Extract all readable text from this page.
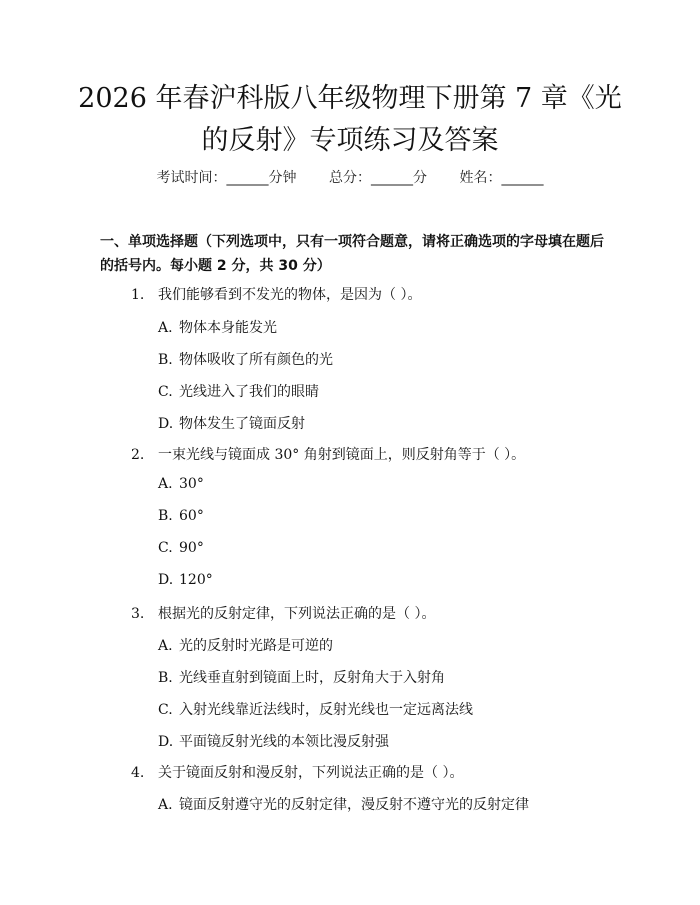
2026 年春沪科版八年级物理下册第 7 章《光
的反射》专项练习及答案
考试时间：______分钟 总分：______分 姓名：______
一、单项选择题（下列选项中，只有一项符合题意，请将正确选项的字母填在题后的括号内。每小题 2 分，共 30 分）
1. 我们能够看到不发光的物体，是因为（ ）。
A. 物体本身能发光
B. 物体吸收了所有颜色的光
C. 光线进入了我们的眼睛
D. 物体发生了镜面反射
2. 一束光线与镜面成 30° 角射到镜面上，则反射角等于（ ）。
A. 30°
B. 60°
C. 90°
D. 120°
3. 根据光的反射定律，下列说法正确的是（ ）。
A. 光的反射时光路是可逆的
B. 光线垂直射到镜面上时，反射角大于入射角
C. 入射光线靠近法线时，反射光线也一定远离法线
D. 平面镜反射光线的本领比漫反射强
4. 关于镜面反射和漫反射，下列说法正确的是（ ）。
A. 镜面反射遵守光的反射定律，漫反射不遵守光的反射定律
